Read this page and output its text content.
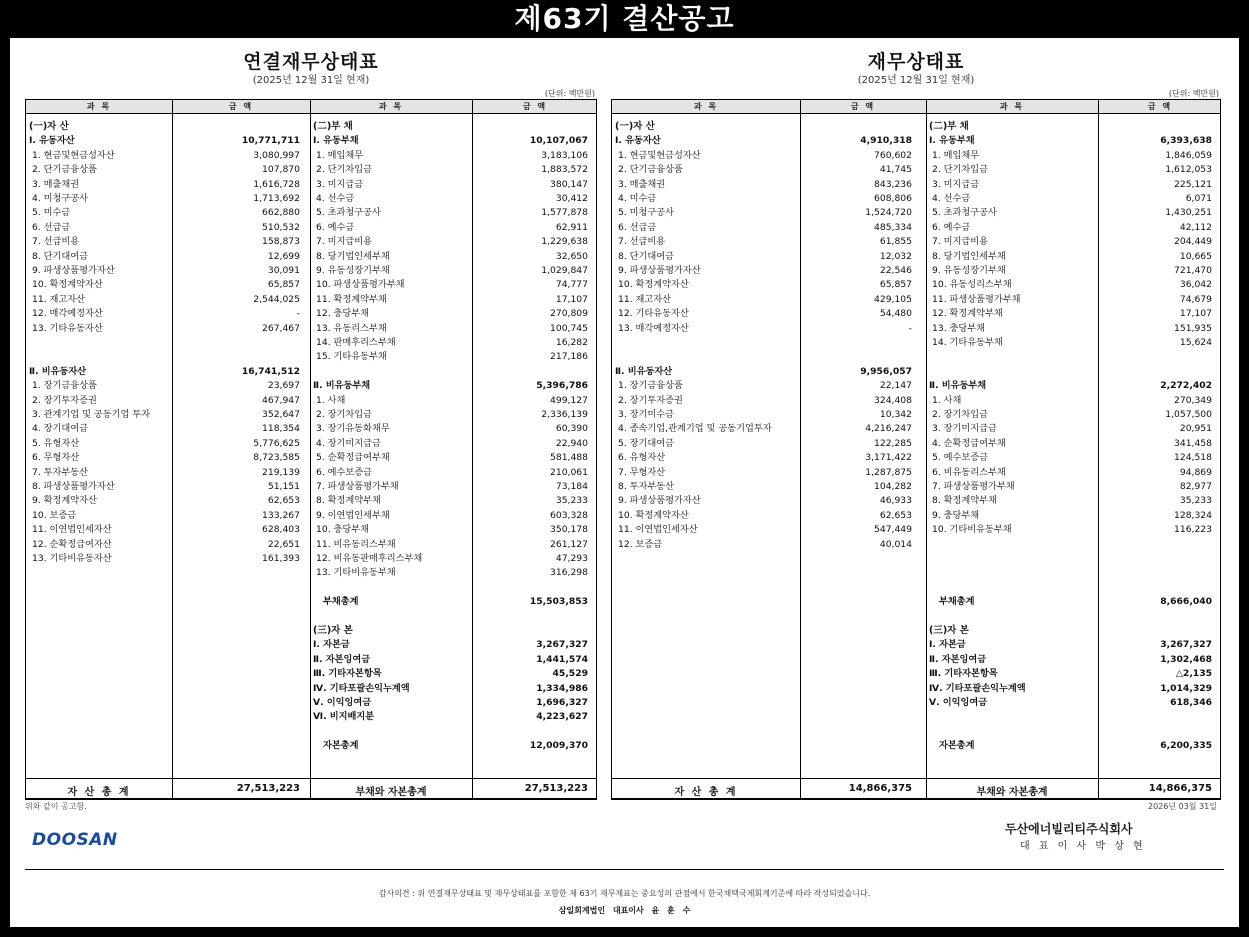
제63기 결산공고
연결재무상태표
(2025년 12월 31일 현재)
(단위: 백만원)
과 목	금 액	과 목	금 액
(一)자 산
Ⅰ. 유동자산	10,771,711
1. 현금및현금성자산	3,080,997
2. 단기금융상품	107,870
3. 매출채권	1,616,728
4. 미청구공사	1,713,692
5. 미수금	662,880
6. 선급금	510,532
7. 선급비용	158,873
8. 단기대여금	12,699
9. 파생상품평가자산	30,091
10. 확정계약자산	65,857
11. 재고자산	2,544,025
12. 매각예정자산	-
13. 기타유동자산	267,467
Ⅱ. 비유동자산	16,741,512
1. 장기금융상품	23,697
2. 장기투자증권	467,947
3. 관계기업 및 공동기업 투자	352,647
4. 장기대여금	118,354
5. 유형자산	5,776,625
6. 무형자산	8,723,585
7. 투자부동산	219,139
8. 파생상품평가자산	51,151
9. 확정계약자산	62,653
10. 보증금	133,267
11. 이연법인세자산	628,403
12. 순확정급여자산	22,651
13. 기타비유동자산	161,393
(二)부 채
Ⅰ. 유동부채	10,107,067
1. 매입채무	3,183,106
2. 단기차입금	1,883,572
3. 미지급금	380,147
4. 선수금	30,412
5. 초과청구공사	1,577,878
6. 예수금	62,911
7. 미지급비용	1,229,638
8. 당기법인세부채	32,650
9. 유동성장기부채	1,029,847
10. 파생상품평가부채	74,777
11. 확정계약부채	17,107
12. 충당부채	270,809
13. 유동리스부채	100,745
14. 판매후리스부채	16,282
15. 기타유동부채	217,186
Ⅱ. 비유동부채	5,396,786
1. 사채	499,127
2. 장기차입금	2,336,139
3. 장기유동화채무	60,390
4. 장기미지급금	22,940
5. 순확정급여부채	581,488
6. 예수보증금	210,061
7. 파생상품평가부채	73,184
8. 확정계약부채	35,233
9. 이연법인세부채	603,328
10. 충당부채	350,178
11. 비유동리스부채	261,127
12. 비유동판매후리스부채	47,293
13. 기타비유동부채	316,298
부채총계	15,503,853
(三)자 본
Ⅰ. 자본금	3,267,327
Ⅱ. 자본잉여금	1,441,574
Ⅲ. 기타자본항목	45,529
Ⅳ. 기타포괄손익누계액	1,334,986
Ⅴ. 이익잉여금	1,696,327
Ⅵ. 비지배지분	4,223,627
자본총계	12,009,370
자 산 총 계	27,513,223	부채와 자본총계	27,513,223
재무상태표
(2025년 12월 31일 현재)
(단위: 백만원)
과 목	금 액	과 목	금 액
(一)자 산
Ⅰ. 유동자산	4,910,318
1. 현금및현금성자산	760,602
2. 단기금융상품	41,745
3. 매출채권	843,236
4. 미수금	608,806
5. 미청구공사	1,524,720
6. 선급금	485,334
7. 선급비용	61,855
8. 단기대여금	12,032
9. 파생상품평가자산	22,546
10. 확정계약자산	65,857
11. 재고자산	429,105
12. 기타유동자산	54,480
13. 매각예정자산	-
Ⅱ. 비유동자산	9,956,057
1. 장기금융상품	22,147
2. 장기투자증권	324,408
3. 장기미수금	10,342
4. 종속기업,관계기업 및 공동기업투자	4,216,247
5. 장기대여금	122,285
6. 유형자산	3,171,422
7. 무형자산	1,287,875
8. 투자부동산	104,282
9. 파생상품평가자산	46,933
10. 확정계약자산	62,653
11. 이연법인세자산	547,449
12. 보증금	40,014
(二)부 채
Ⅰ. 유동부채	6,393,638
1. 매입채무	1,846,059
2. 단기차입금	1,612,053
3. 미지급금	225,121
4. 선수금	6,071
5. 초과청구공사	1,430,251
6. 예수금	42,112
7. 미지급비용	204,449
8. 당기법인세부채	10,665
9. 유동성장기부채	721,470
10. 유동성리스부채	36,042
11. 파생상품평가부채	74,679
12. 확정계약부채	17,107
13. 충당부채	151,935
14. 기타유동부채	15,624
Ⅱ. 비유동부채	2,272,402
1. 사채	270,349
2. 장기차입금	1,057,500
3. 장기미지급금	20,951
4. 순확정급여부채	341,458
5. 예수보증금	124,518
6. 비유동리스부채	94,869
7. 파생상품평가부채	82,977
8. 확정계약부채	35,233
9. 충당부채	128,324
10. 기타비유동부채	116,223
부채총계	8,666,040
(三)자 본
Ⅰ. 자본금	3,267,327
Ⅱ. 자본잉여금	1,302,468
Ⅲ. 기타자본항목	△2,135
Ⅳ. 기타포괄손익누계액	1,014,329
Ⅴ. 이익잉여금	618,346
자본총계	6,200,335
자 산 총 계	14,866,375	부채와 자본총계	14,866,375
위와 같이 공고함.	2026년 03월 31일
DOOSAN
두산에너빌리티주식회사
대 표 이 사 박 상 현
감사의견 : 위 연결재무상태표 및 재무상태표를 포함한 제 63기 재무제표는 중요성의 관점에서 한국채택국제회계기준에 따라 작성되었습니다.
삼일회계법인 대표이사 윤 훈 수
